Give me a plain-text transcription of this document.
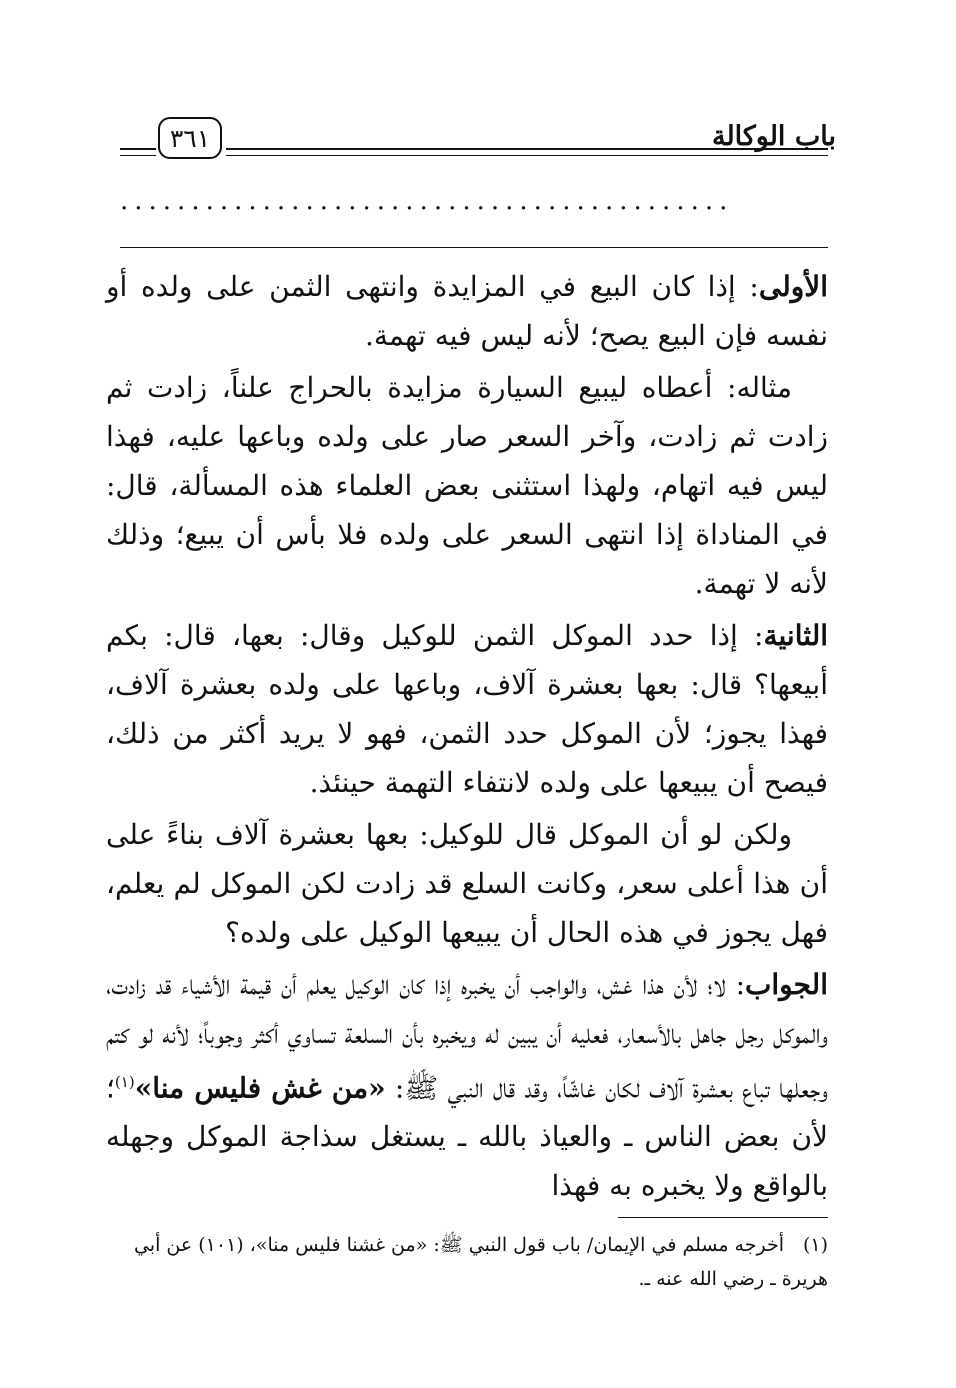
باب الوكالة
٣٦١
...........................................

الأولى: إذا كان البيع في المزايدة وانتهى الثمن على ولده أو نفسه فإن البيع يصح؛ لأنه ليس فيه تهمة.

مثاله: أعطاه ليبيع السيارة مزايدة بالحراج علناً، زادت ثم زادت ثم زادت، وآخر السعر صار على ولده وباعها عليه، فهذا ليس فيه اتهام، ولهذا استثنى بعض العلماء هذه المسألة، قال: في المناداة إذا انتهى السعر على ولده فلا بأس أن يبيع؛ وذلك لأنه لا تهمة.

الثانية: إذا حدد الموكل الثمن للوكيل وقال: بعها، قال: بكم أبيعها؟ قال: بعها بعشرة آلاف، وباعها على ولده بعشرة آلاف، فهذا يجوز؛ لأن الموكل حدد الثمن، فهو لا يريد أكثر من ذلك، فيصح أن يبيعها على ولده لانتفاء التهمة حينئذ.

ولكن لو أن الموكل قال للوكيل: بعها بعشرة آلاف بناءً على أن هذا أعلى سعر، وكانت السلع قد زادت لكن الموكل لم يعلم، فهل يجوز في هذه الحال أن يبيعها الوكيل على ولده؟

الجواب: لا؛ لأن هذا غش، والواجب أن يخبره إذا كان الوكيل يعلم أن قيمة الأشياء قد زادت، والموكل رجل جاهل بالأسعار، فعليه أن يبين له ويخبره بأن السلعة تساوي أكثر وجوباً؛ لأنه لو كتم وجعلها تباع بعشرة آلاف لكان غاشّاً، وقد قال النبي ﷺ: «من غش فليس منا»$^{(١)}$؛ لأن بعض الناس ـ والعياذ بالله ـ يستغل سذاجة الموكل وجهله بالواقع ولا يخبره به فهذا

(١)أخرجه مسلم في الإيمان/ باب قول النبي ﷺ: «من غشنا فليس منا»، (١٠١) عن أبي هريرة ـ رضي الله عنه ـ.
